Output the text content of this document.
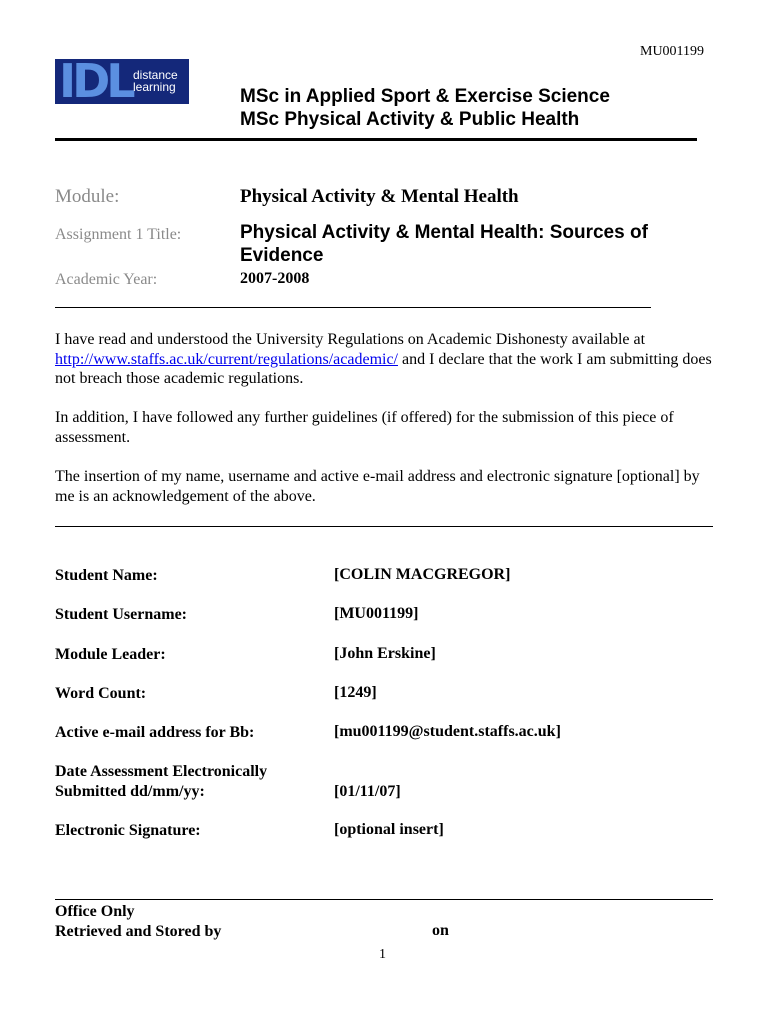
MU001199
IDL distance
learning	MSc in Applied Sport & Exercise Science
MSc Physical Activity & Public Health
Module:	Physical Activity & Mental Health
Assignment 1 Title:	Physical Activity & Mental Health: Sources of Evidence
Academic Year:	2007-2008
I have read and understood the University Regulations on Academic Dishonesty available at http://www.staffs.ac.uk/current/regulations/academic/ and I declare that the work I am submitting does not breach those academic regulations.
In addition, I have followed any further guidelines (if offered) for the submission of this piece of assessment.
The insertion of my name, username and active e-mail address and electronic signature [optional] by me is an acknowledgement of the above.
Student Name:	[COLIN MACGREGOR]
Student Username:	[MU001199]
Module Leader:	[John Erskine]
Word Count:	[1249]
Active e-mail address for Bb:	[mu001199@student.staffs.ac.uk]
Date Assessment Electronically
Submitted dd/mm/yy:	[01/11/07]
Electronic Signature:	[optional insert]
Office Only
Retrieved and Stored by	on
1
